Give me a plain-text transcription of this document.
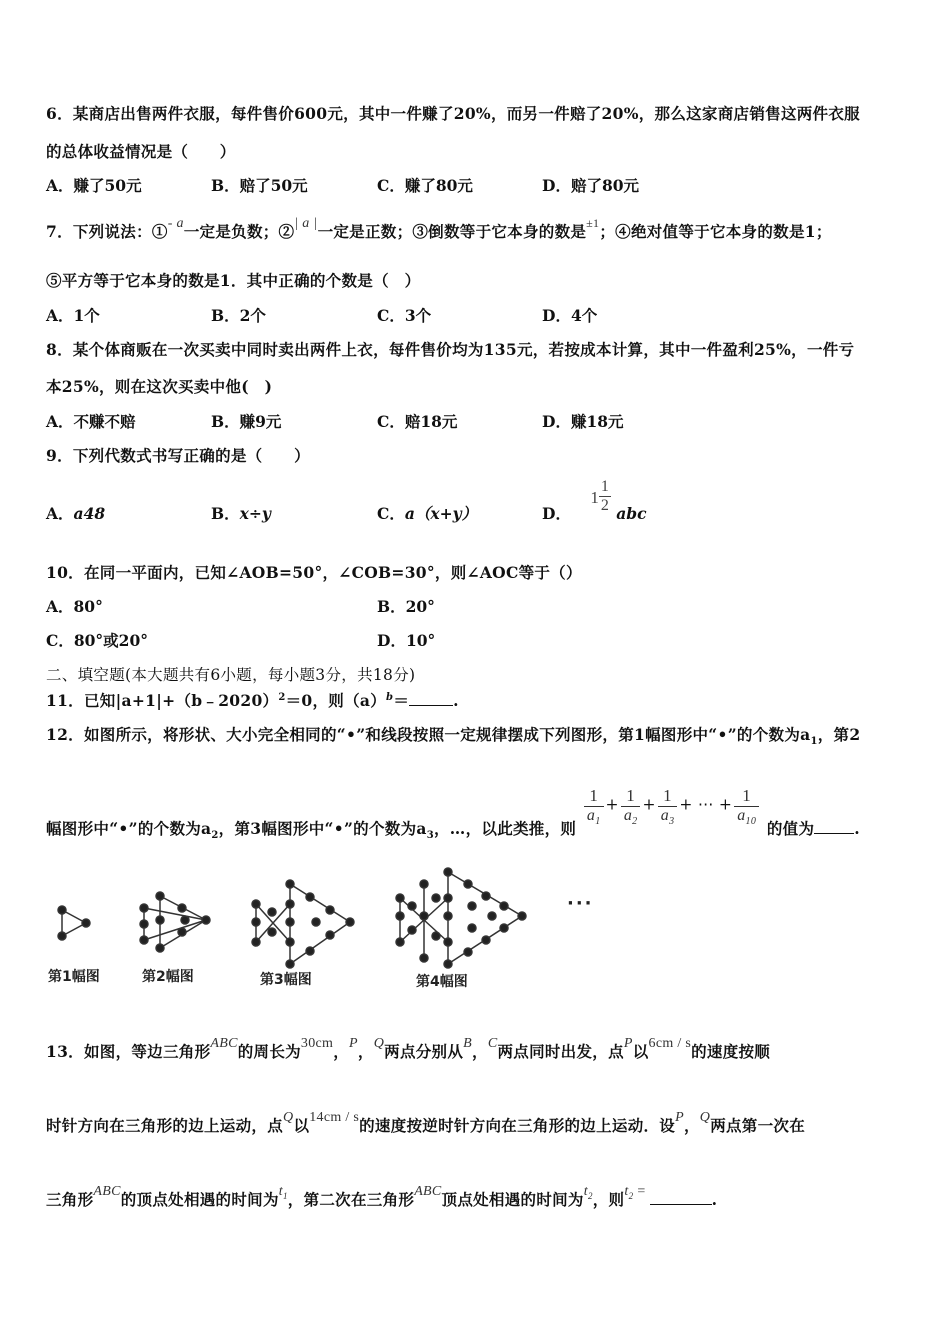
6．某商店出售两件衣服，每件售价600元，其中一件赚了20%，而另一件赔了20%，那么这家商店销售这两件衣服
的总体收益情况是（　　）
A．赚了50元	B．赔了50元	C．赚了80元	D．赔了80元
7．下列说法：①- a一定是负数；②| a |一定是正数；③倒数等于它本身的数是$^{\pm 1}$；④绝对值等于它本身的数是1；
⑤平方等于它本身的数是1．其中正确的个数是（　）
A．1个	B．2个	C．3个	D．4个
8．某个体商贩在一次买卖中同时卖出两件上衣，每件售价均为135元，若按成本计算，其中一件盈利25%，一件亏
本25%，则在这次买卖中他(　)
A．不赚不赔	B．赚9元	C．赔18元	D．赚18元
9．下列代数式书写正确的是（　　）
A．a48	B．x÷y	C．a（x+y）	D． $1 \frac{1}{2}$ abc
10．在同一平面内，已知∠AOB=50°，∠COB=30°，则∠AOC等于（）
A．80°	B．20°
C．80°或20°	D．10°
二、填空题(本大题共有6小题，每小题3分，共18分)
11．已知|a+1|+（b﹣2020）$^2$＝0，则$(a)^b=$	.
12．如图所示，将形状、大小完全相同的“•”和线段按照一定规律摆成下列图形，第1幅图形中“•”的个数为$a_1$，第2
幅图形中“•”的个数为$a_2$，第3幅图形中“•”的个数为$a_3$，…，以此类推，则
$\frac{1}{a_1} + \frac{1}{a_2} + \frac{1}{a_3}$ + ⋯ + $\frac{1}{a_{10}}$
的值为	.
第1幅图	第2幅图	第3幅图	第4幅图
···
13．如图，等边三角形ABC的周长为30cm，P，Q两点分别从B，C两点同时出发，点P以6cm / s的速度按顺
时针方向在三角形的边上运动，点Q以14cm / s的速度按逆时针方向在三角形的边上运动．设P，Q两点第一次在
三角形ABC的顶点处相遇的时间为$t^1$，第二次在三角形ABC顶点处相遇的时间为$t^2$，则$t^2$ =	.
